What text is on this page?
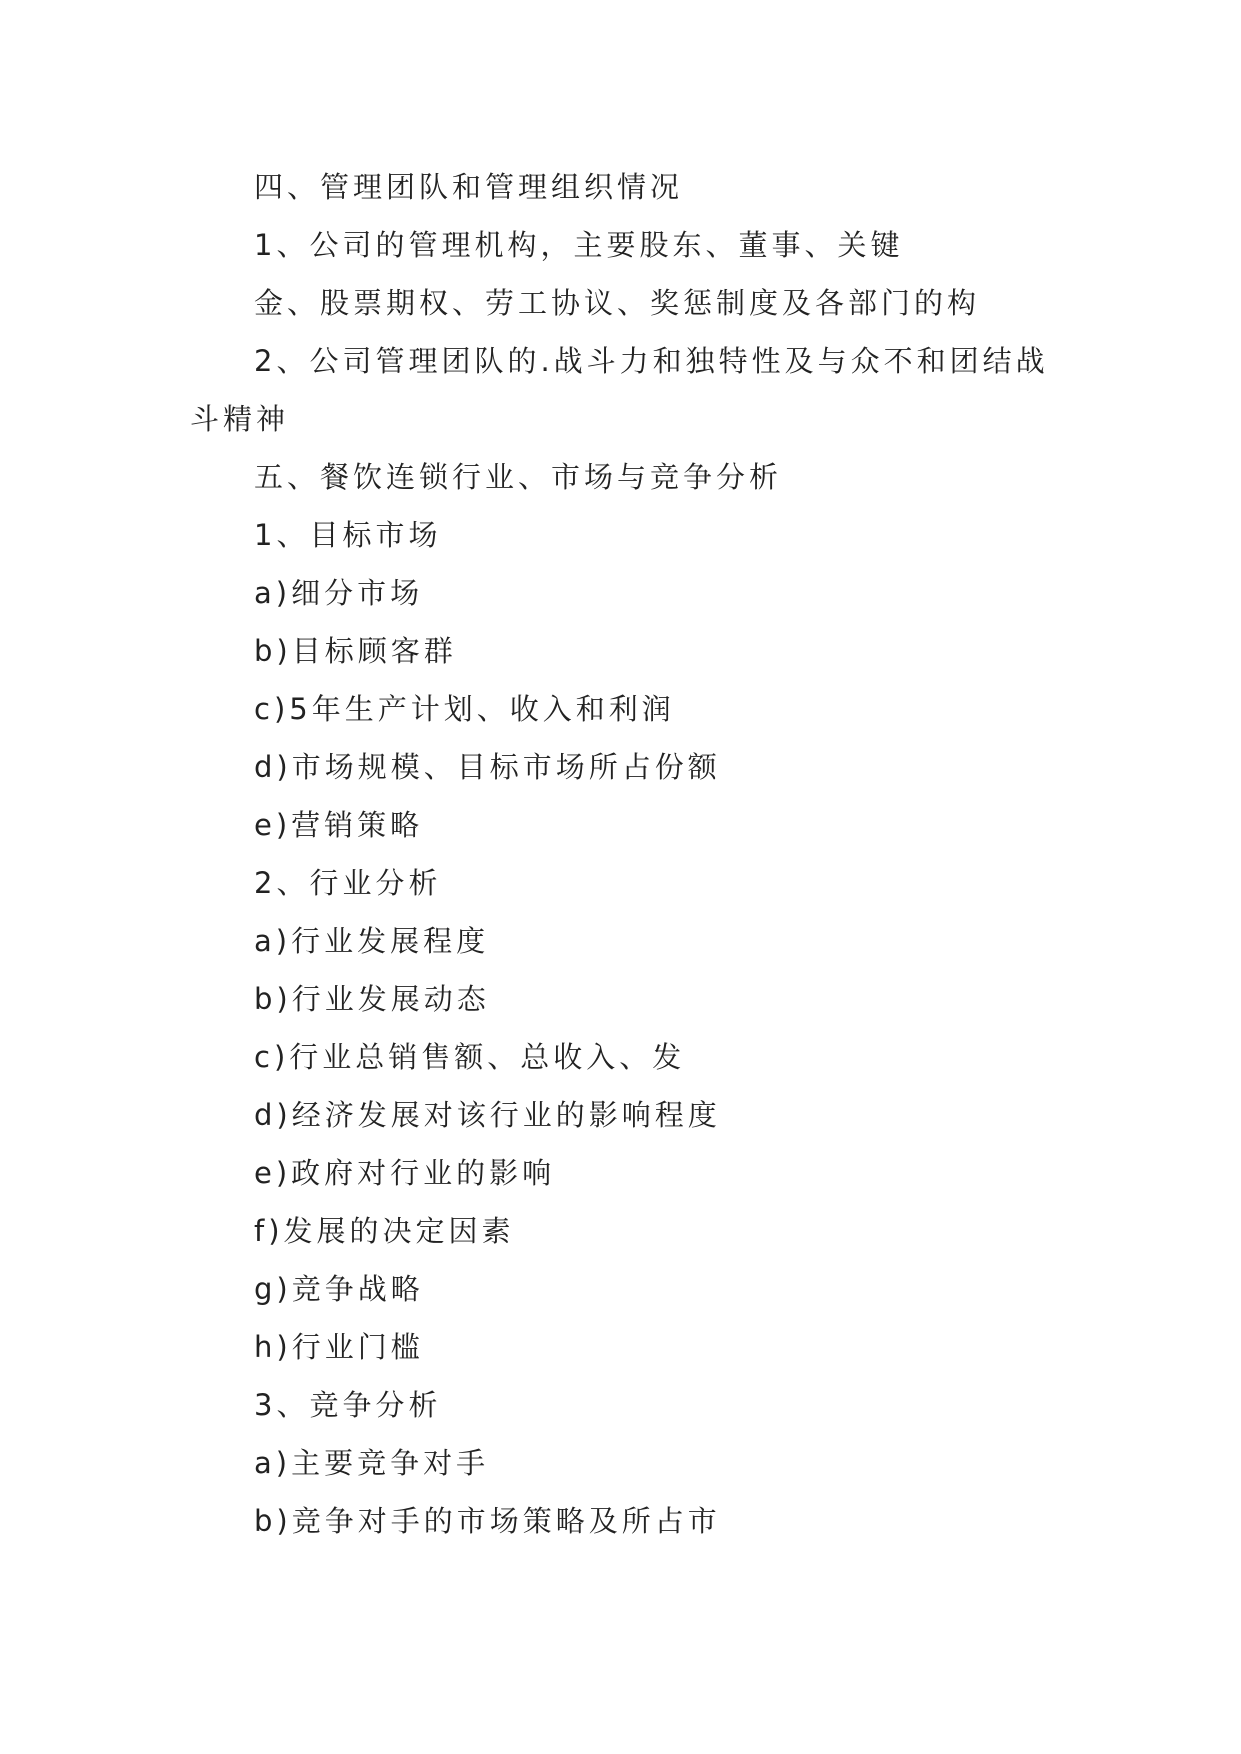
四、管理团队和管理组织情况
1、公司的管理机构，主要股东、董事、关键
金、股票期权、劳工协议、奖惩制度及各部门的构
2、公司管理团队的.战斗力和独特性及与众不和团结战
斗精神
五、餐饮连锁行业、市场与竞争分析
1、目标市场
a)细分市场
b)目标顾客群
c)5年生产计划、收入和利润
d)市场规模、目标市场所占份额
e)营销策略
2、行业分析
a)行业发展程度
b)行业发展动态
c)行业总销售额、总收入、发
d)经济发展对该行业的影响程度
e)政府对行业的影响
f)发展的决定因素
g)竞争战略
h)行业门槛
3、竞争分析
a)主要竞争对手
b)竞争对手的市场策略及所占市
